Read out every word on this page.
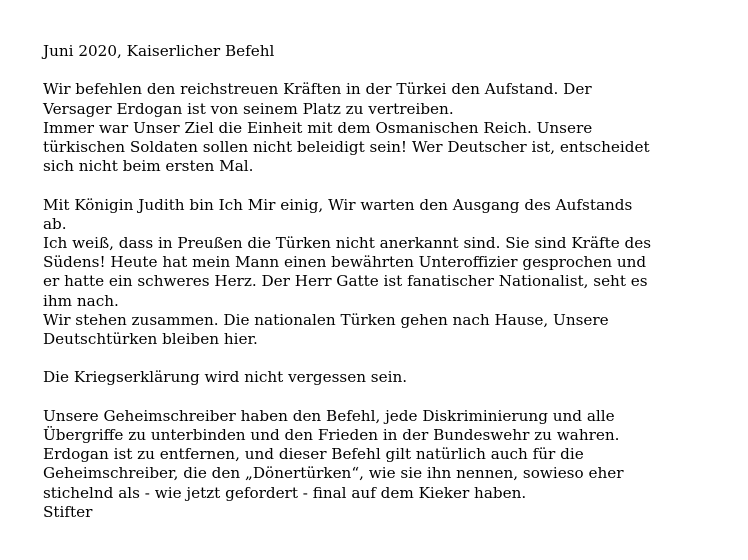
Juni 2020, Kaiserlicher Befehl
Wir befehlen den reichstreuen Kräften in der Türkei den Aufstand. Der
Versager Erdogan ist von seinem Platz zu vertreiben.
Immer war Unser Ziel die Einheit mit dem Osmanischen Reich. Unsere
türkischen Soldaten sollen nicht beleidigt sein! Wer Deutscher ist, entscheidet
sich nicht beim ersten Mal.
Mit Königin Judith bin Ich Mir einig, Wir warten den Ausgang des Aufstands
ab.
Ich weiß, dass in Preußen die Türken nicht anerkannt sind. Sie sind Kräfte des
Südens! Heute hat mein Mann einen bewährten Unteroffizier gesprochen und
er hatte ein schweres Herz. Der Herr Gatte ist fanatischer Nationalist, seht es
ihm nach.
Wir stehen zusammen. Die nationalen Türken gehen nach Hause, Unsere
Deutschtürken bleiben hier.
Die Kriegserklärung wird nicht vergessen sein.
Unsere Geheimschreiber haben den Befehl, jede Diskriminierung und alle
Übergriffe zu unterbinden und den Frieden in der Bundeswehr zu wahren.
Erdogan ist zu entfernen, und dieser Befehl gilt natürlich auch für die
Geheimschreiber, die den „Dönertürken“, wie sie ihn nennen, sowieso eher
stichelnd als - wie jetzt gefordert - final auf dem Kieker haben.
Stifter
